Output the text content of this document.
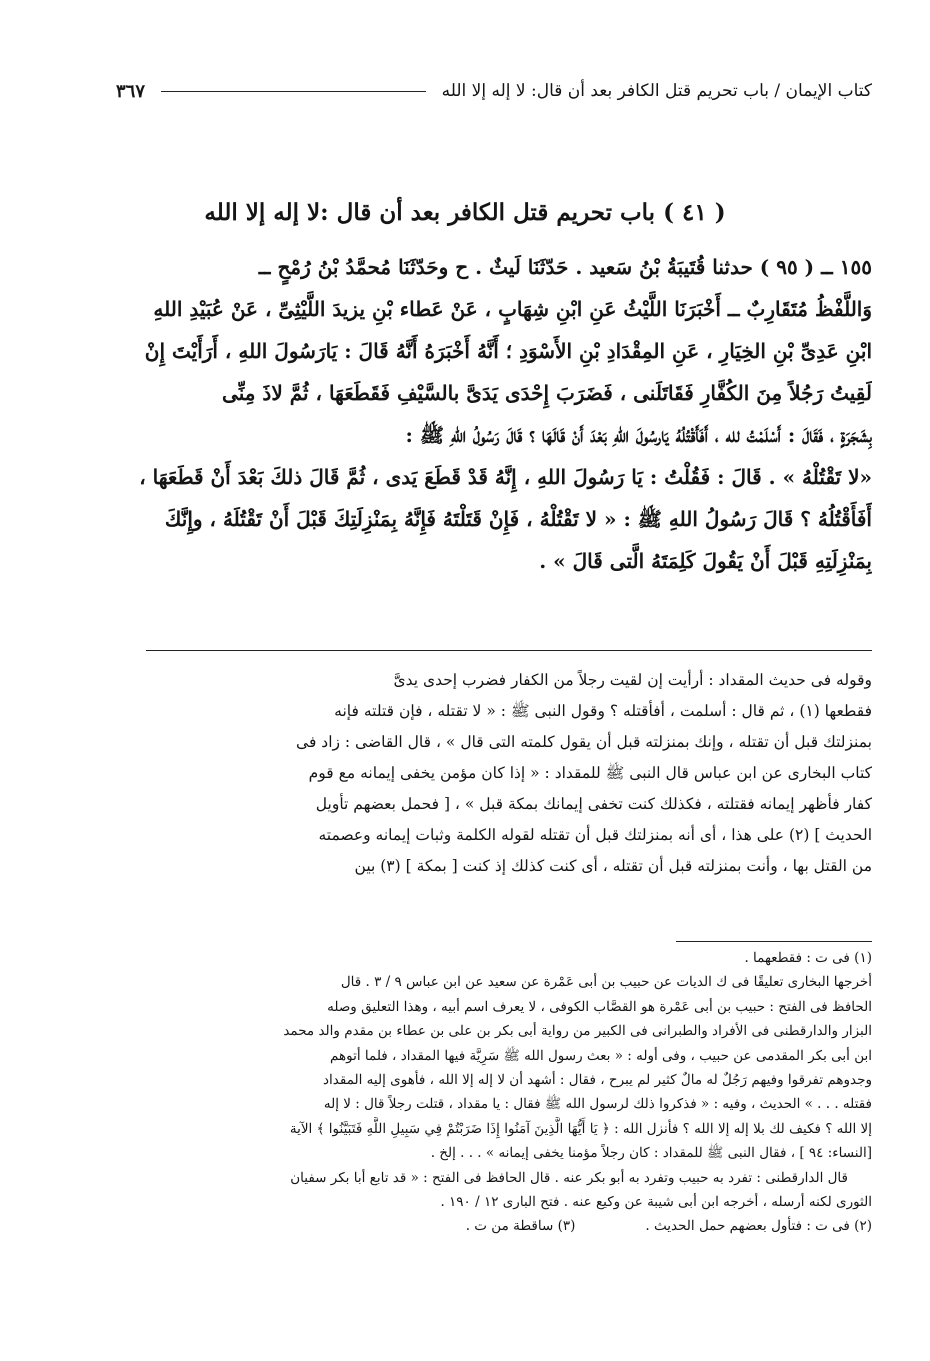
كتاب الإيمان / باب تحريم قتل الكافر بعد أن قال: لا إله إلا الله
٣٦٧
( ٤١ ) باب تحريم قتل الكافر بعد أن قال :لا إله إلا الله
١٥٥ ــ ( ٩٥ ) حدثنا قُتَيبَةُ بْنُ سَعيد . حَدّثَنَا لَيثٌ . ح وحَدّثَنَا مُحمَّدُ بْنُ رُمْحٍ ــ
وَاللَّفْظُ مُتَقَارِبٌ ــ أَخْبَرَنَا اللَّيْثُ عَنِ ابْنِ شِهَابٍ ، عَنْ عَطاء بْنِ يزيدَ اللَّيْثِىِّ ، عَنْ عُبَيْدِ اللهِ
ابْنِ عَدِىِّ بْنِ الخِيَارِ ، عَنِ المِقْدَادِ بْنِ الأَسْوَدِ ؛ أَنَّهُ أَخْبَرَهُ أَنَّهُ قَالَ : يَارَسُولَ اللهِ ، أَرَأَيْتَ إِنْ
لَقِيتُ رَجُلاً مِنَ الكُفَّارِ فَقَاتَلَنى ، فَضَرَبَ إِحْدَى يَدَىَّ بالسَّيْفِ فَقَطَعَهَا ، ثُمَّ لاذَ مِنِّى
بِشَجَرَةٍ ، فَقَالَ : أَسْلَمْتُ لله ، أَفَأَقْتُلُهُ يَارسُولَ اللهِ بَعْدَ أَنْ قَالَهَا ؟ قَالَ رَسُولُ اللهِ ﷺ :
«لا تَقْتُلْهُ » . قَالَ : فَقُلْتُ : يَا رَسُولَ اللهِ ، إِنَّهُ قَدْ قَطَعَ يَدى ، ثُمَّ قَالَ ذلكَ بَعْدَ أَنْ قَطَعَهَا ،
أَفَأَقْتُلُهُ ؟ قَالَ رَسُولُ اللهِ ﷺ : « لا تَقْتُلْهُ ، فَإِنْ قَتَلْتَهُ فَإِنَّهُ بِمَنْزِلَتِكَ قَبْلَ أَنْ تَقْتُلَهُ ، وإِنَّكَ
بِمَنْزِلَتِهِ قَبْلَ أَنْ يَقُولَ كَلِمَتَهُ الَّتى قَالَ » .
وقوله فى حديث المقداد : أرأيت إن لقيت رجلاً من الكفار فضرب إحدى يدىَّ
فقطعها (١) ، ثم قال : أسلمت ، أفأقتله ؟ وقول النبى ﷺ : « لا تقتله ، فإن قتلته فإنه
بمنزلتك قبل أن تقتله ، وإنك بمنزلته قبل أن يقول كلمته التى قال » ، قال القاضى : زاد فى
كتاب البخارى عن ابن عباس قال النبى ﷺ للمقداد : « إذا كان مؤمن يخفى إيمانه مع قوم
كفار فأظهر إيمانه فقتلته ، فكذلك كنت تخفى إيمانك بمكة قبل » ، [ فحمل بعضهم تأويل
الحديث ] (٢) على هذا ، أى أنه بمنزلتك قبل أن تقتله لقوله الكلمة وثبات إيمانه وعصمته
من القتل بها ، وأنت بمنزلته قبل أن تقتله ، أى كنت كذلك إذ كنت [ بمكة ] (٣) بين
(١) فى ت : فقطعهما .
أخرجها البخارى تعليقًا فى ك الديات عن حبيب بن أبى عَمْرة عن سعيد عن ابن عباس ٩ / ٣ . قال
الحافظ فى الفتح : حبيب بن أبى عَمْرة هو القصَّاب الكوفى ، لا يعرف اسم أبيه ، وهذا التعليق وصله
البزار والدارقطنى فى الأفراد والطبرانى فى الكبير من رواية أبى بكر بن على بن عطاء بن مقدم والد محمد
ابن أبى بكر المقدمى عن حبيب ، وفى أوله : « بعث رسول الله ﷺ سَرِيَّة فيها المقداد ، فلما أتوهم
وجدوهم تفرقوا وفيهم رَجُلٌ له مالٌ كثير لم يبرح ، فقال : أشهد أن لا إله إلا الله ، فأهوى إليه المقداد
فقتله . . . » الحديث ، وفيه : « فذكروا ذلك لرسول الله ﷺ فقال : يا مقداد ، قتلت رجلاً قال : لا إله
إلا الله ؟ فكيف لك بلا إله إلا الله ؟ فأنزل الله : ﴿ يَا أَيُّهَا الَّذِينَ آمَنُوا إِذَا ضَرَبْتُمْ فِي سَبِيلِ اللَّهِ فَتَبَيَّنُوا ﴾ الآية
[النساء: ٩٤ ] ، فقال النبى ﷺ للمقداد : كان رجلاً مؤمنا يخفى إيمانه » . . . إلخ .
قال الدارقطنى : تفرد به حبيب وتفرد به أبو بكر عنه . قال الحافظ فى الفتح : « قد تابع أبا بكر سفيان
الثورى لكنه أرسله ، أخرجه ابن أبى شيبة عن وكيع عنه . فتح البارى ١٢ / ١٩٠ .
(٢) فى ت : فتأول بعضهم حمل الحديث .
(٣) ساقطة من ت .
